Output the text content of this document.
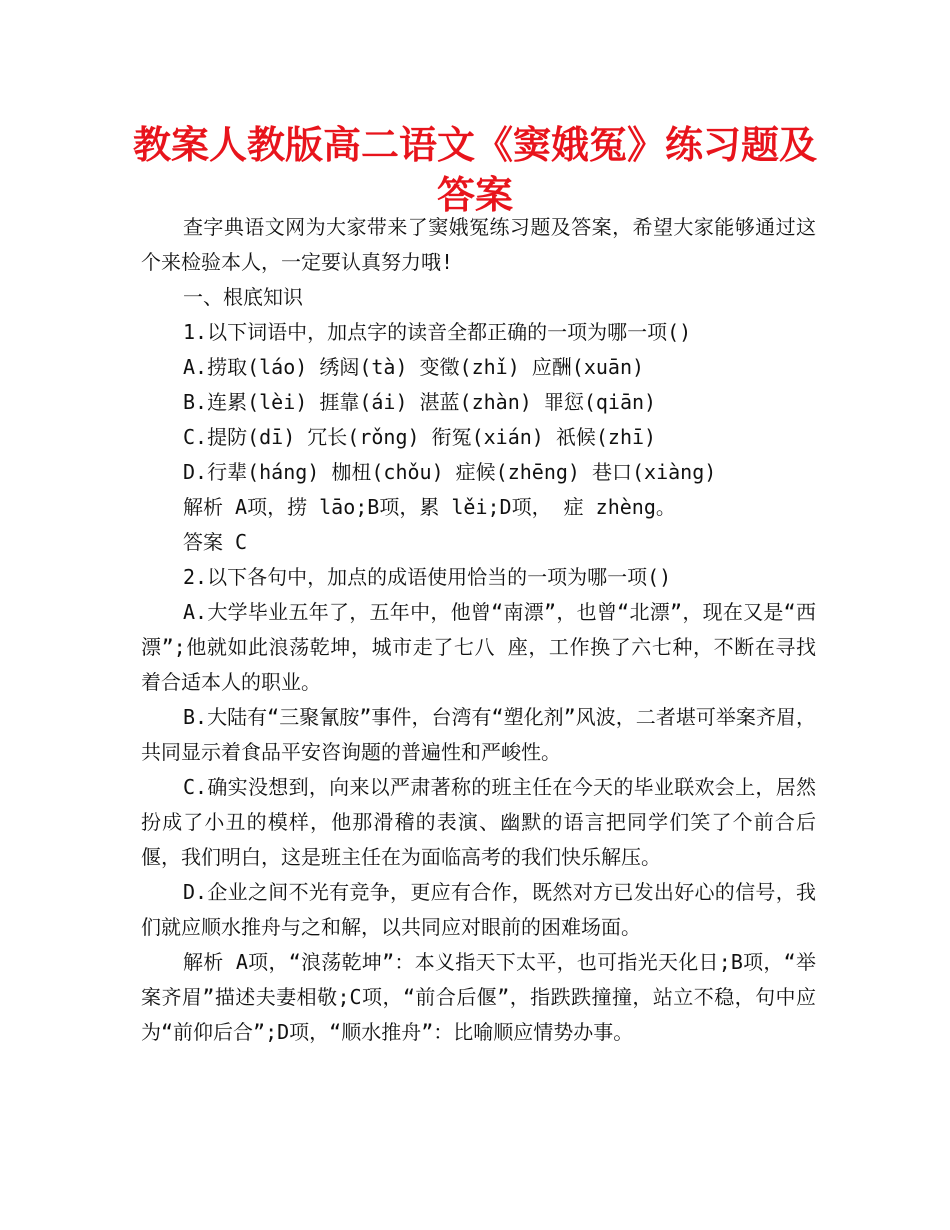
教案人教版高二语文《窦娥冤》练习题及答案

查字典语文网为大家带来了窦娥冤练习题及答案，希望大家能够通过这个来检验本人，一定要认真努力哦!

一、根底知识

1.以下词语中，加点字的读音全都正确的一项为哪一项()

A.捞取(láo) 绣闼(tà) 变徵(zhǐ) 应酬(xuān)

B.连累(lèi) 捱靠(ái) 湛蓝(zhàn) 罪愆(qiān)

C.提防(dī) 冗长(rǒng) 衔冤(xián) 祇候(zhī)

D.行辈(háng) 枷杻(chǒu) 症候(zhēng) 巷口(xiàng)

解析 A项，捞 lāo;B项，累 lěi;D项， 症 zhèng。

答案 C

2.以下各句中，加点的成语使用恰当的一项为哪一项()

A.大学毕业五年了，五年中，他曾“南漂”，也曾“北漂”，现在又是“西漂”;他就如此浪荡乾坤，城市走了七八 座，工作换了六七种，不断在寻找着合适本人的职业。

B.大陆有“三聚氰胺”事件，台湾有“塑化剂”风波，二者堪可举案齐眉，共同显示着食品平安咨询题的普遍性和严峻性。

C.确实没想到，向来以严肃著称的班主任在今天的毕业联欢会上，居然扮成了小丑的模样，他那滑稽的表演、幽默的语言把同学们笑了个前合后偃，我们明白，这是班主任在为面临高考的我们快乐解压。

D.企业之间不光有竞争，更应有合作，既然对方已发出好心的信号，我们就应顺水推舟与之和解，以共同应对眼前的困难场面。

解析 A项，“浪荡乾坤”：本义指天下太平，也可指光天化日;B项，“举案齐眉”描述夫妻相敬;C项，“前合后偃”，指跌跌撞撞，站立不稳，句中应为“前仰后合”;D项，“顺水推舟”：比喻顺应情势办事。
